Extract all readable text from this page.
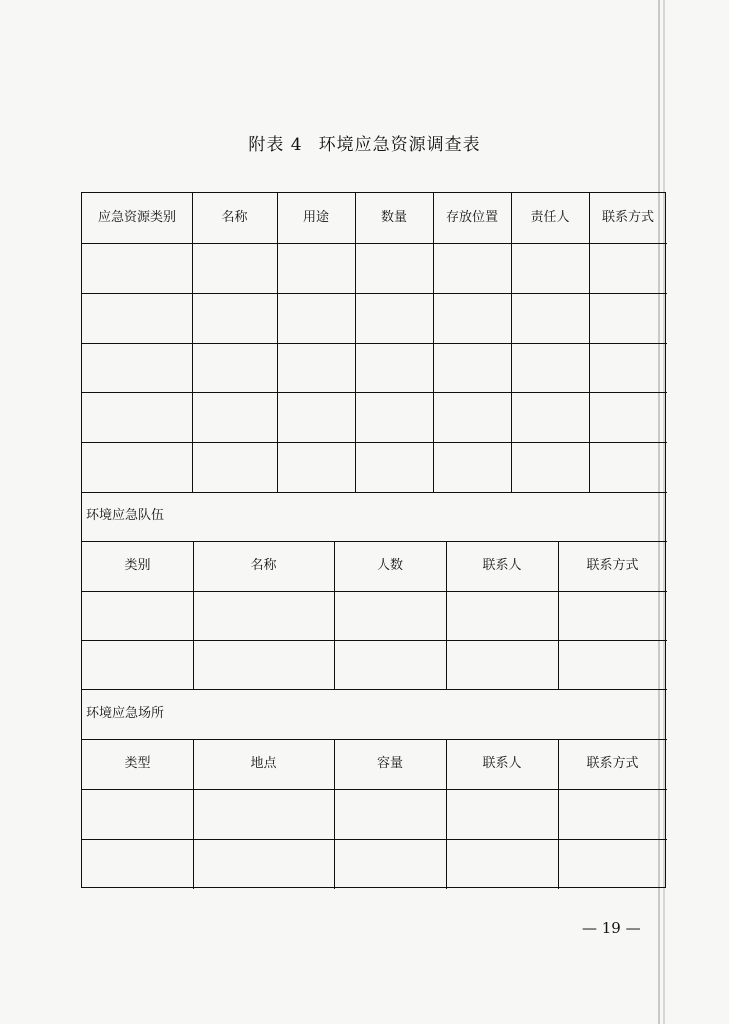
附表 4 环境应急资源调查表
应急资源类别	名称	用途	数量	存放位置	责任人	联系方式
环境应急队伍
类别	名称	人数	联系人	联系方式
环境应急场所
类型	地点	容量	联系人	联系方式
— 19 —
